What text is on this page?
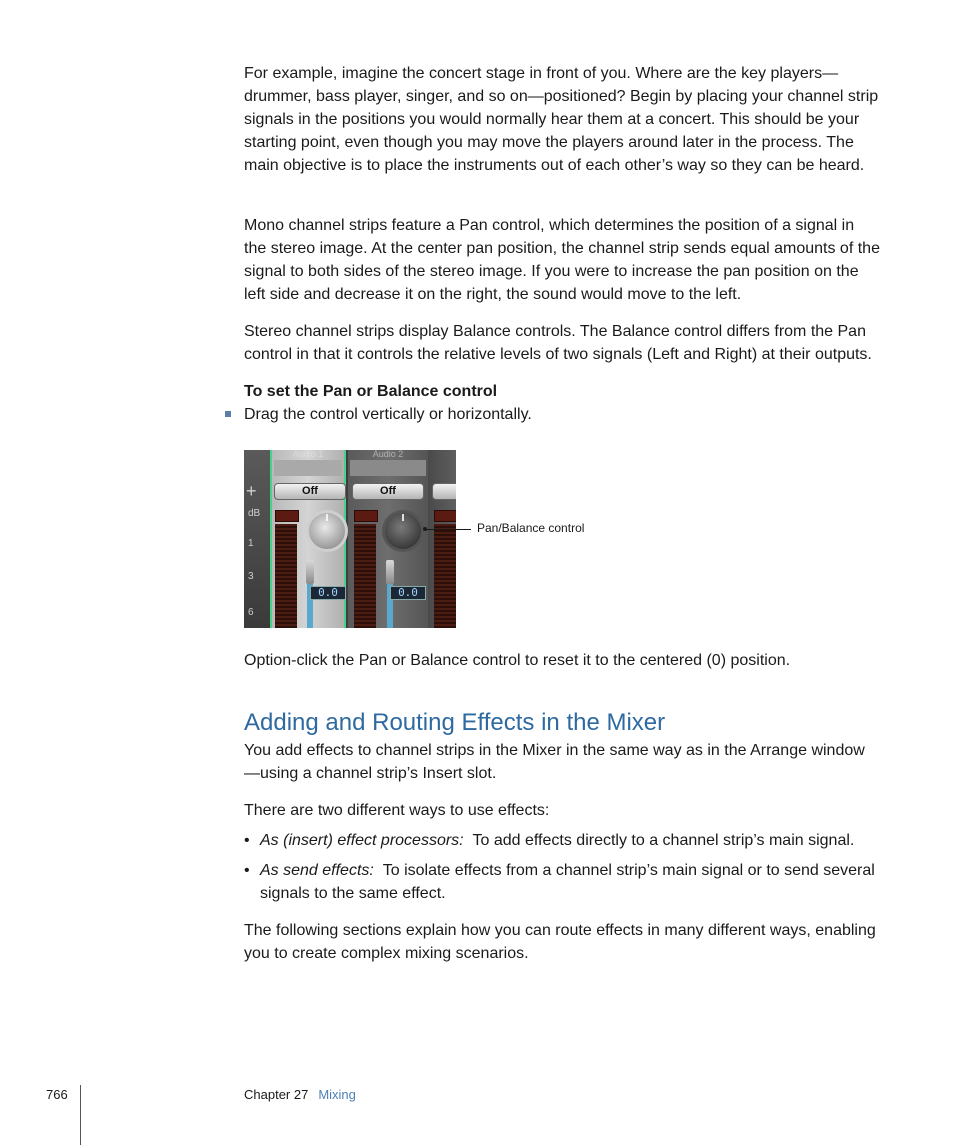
For example, imagine the concert stage in front of you. Where are the key players—drummer, bass player, singer, and so on—positioned? Begin by placing your channel strip signals in the positions you would normally hear them at a concert. This should be your starting point, even though you may move the players around later in the process. The main objective is to place the instruments out of each other’s way so they can be heard.

Mono channel strips feature a Pan control, which determines the position of a signal in the stereo image. At the center pan position, the channel strip sends equal amounts of the signal to both sides of the stereo image. If you were to increase the pan position on the left side and decrease it on the right, the sound would move to the left.

Stereo channel strips display Balance controls. The Balance control differs from the Pan control in that it controls the relative levels of two signals (Left and Right) at their outputs.

To set the Pan or Balance control

Drag the control vertically or horizontally.

+
dB
1
3
6
Audio 1
Off
0.0
Audio 2
Off
0.0
Pan/Balance control

Option-click the Pan or Balance control to reset it to the centered (0) position.

Adding and Routing Effects in the Mixer

You add effects to channel strips in the Mixer in the same way as in the Arrange window—using a channel strip’s Insert slot.

There are two different ways to use effects:

• As (insert) effect processors: To add effects directly to a channel strip’s main signal.

• As send effects: To isolate effects from a channel strip’s main signal or to send several signals to the same effect.

The following sections explain how you can route effects in many different ways, enabling you to create complex mixing scenarios.

766	Chapter 27 Mixing
